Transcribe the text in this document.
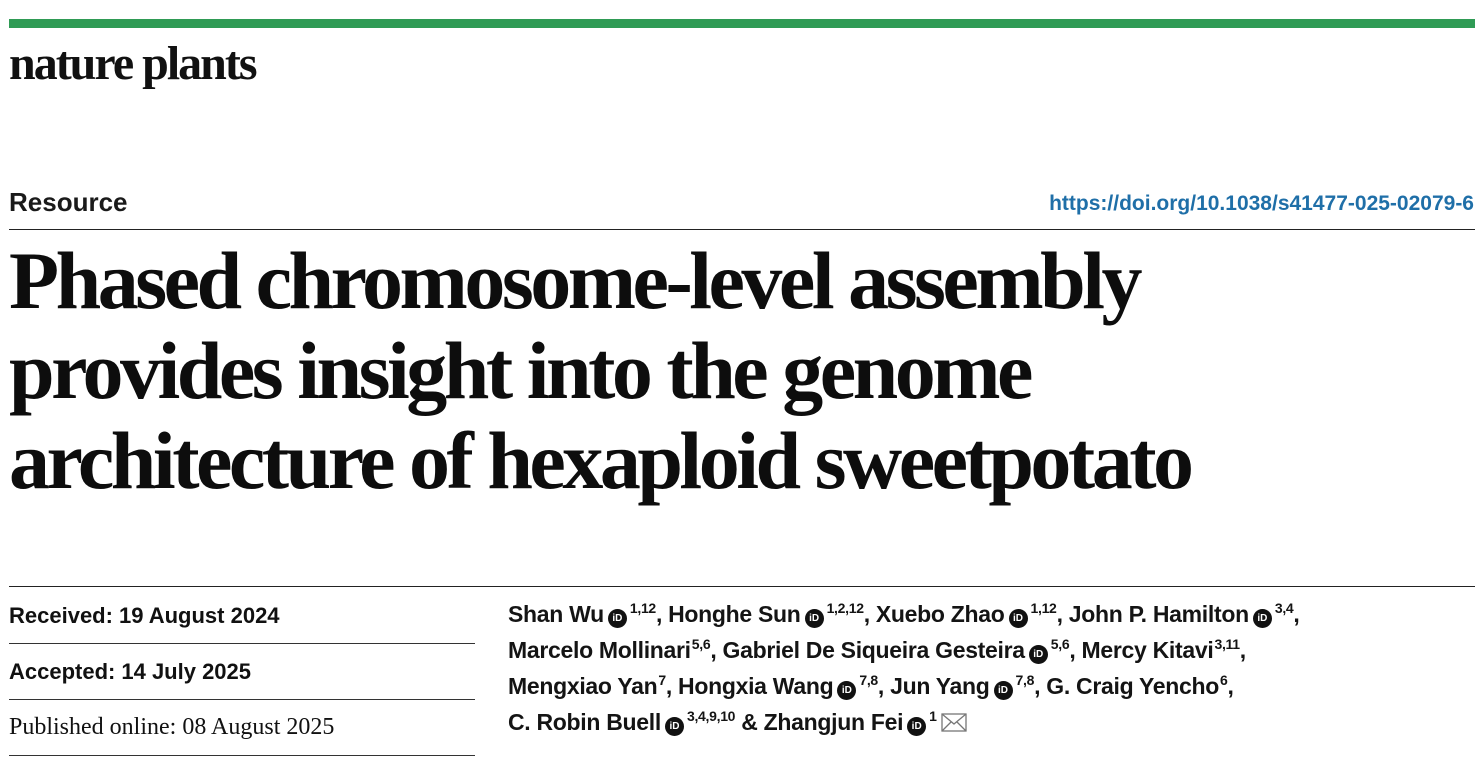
nature plants
Resource	https://doi.org/10.1038/s41477-025-02079-6
Phased chromosome-level assembly
provides insight into the genome
architecture of hexaploid sweetpotato
Received: 19 August 2024
Accepted: 14 July 2025
Published online: 08 August 2025
Shan Wu iD$^{1,12}$, Honghe Sun iD$^{1,2,12}$, Xuebo Zhao iD$^{1,12}$, John P. Hamilton iD$^{3,4}$,
Marcelo Mollinari$^{5,6}$, Gabriel De Siqueira Gesteira iD$^{5,6}$, Mercy Kitavi$^{3,11}$,
Mengxiao Yan$^7$, Hongxia Wang iD$^{7,8}$, Jun Yang iD$^{7,8}$, G. Craig Yencho$^6$,
C. Robin Buell iD$^{3,4,9,10}$ & Zhangjun Fei $iD^1$
